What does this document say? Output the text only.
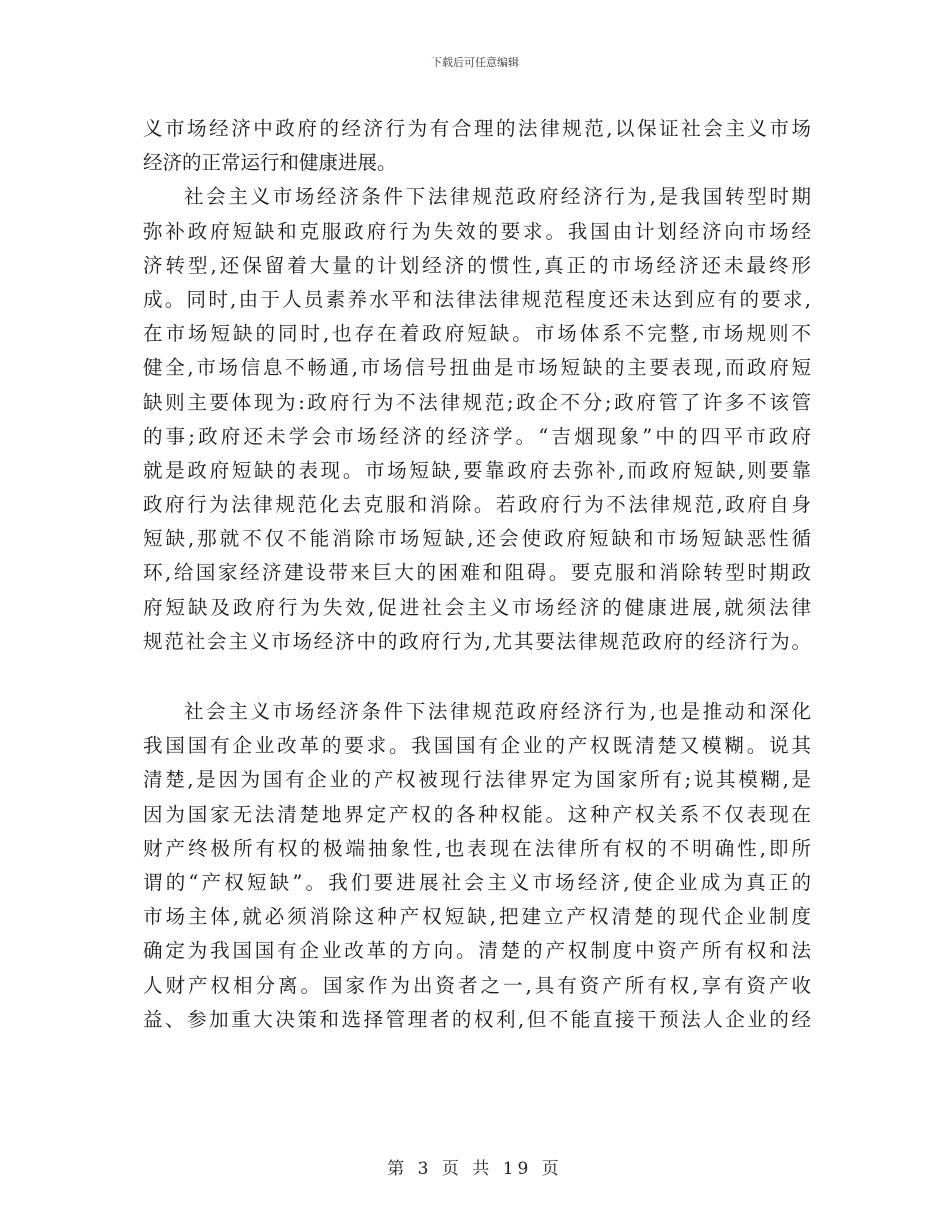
下载后可任意编辑
义市场经济中政府的经济行为有合理的法律规范,以保证社会主义市场
经济的正常运行和健康进展。
社会主义市场经济条件下法律规范政府经济行为,是我国转型时期
弥补政府短缺和克服政府行为失效的要求。我国由计划经济向市场经
济转型,还保留着大量的计划经济的惯性,真正的市场经济还未最终形
成。同时,由于人员素养水平和法律法律规范程度还未达到应有的要求,
在市场短缺的同时,也存在着政府短缺。市场体系不完整,市场规则不
健全,市场信息不畅通,市场信号扭曲是市场短缺的主要表现,而政府短
缺则主要体现为:政府行为不法律规范;政企不分;政府管了许多不该管
的事;政府还未学会市场经济的经济学。“吉烟现象”中的四平市政府
就是政府短缺的表现。市场短缺,要靠政府去弥补,而政府短缺,则要靠
政府行为法律规范化去克服和消除。若政府行为不法律规范,政府自身
短缺,那就不仅不能消除市场短缺,还会使政府短缺和市场短缺恶性循
环,给国家经济建设带来巨大的困难和阻碍。要克服和消除转型时期政
府短缺及政府行为失效,促进社会主义市场经济的健康进展,就须法律
规范社会主义市场经济中的政府行为,尤其要法律规范政府的经济行为。
社会主义市场经济条件下法律规范政府经济行为,也是推动和深化
我国国有企业改革的要求。我国国有企业的产权既清楚又模糊。说其
清楚,是因为国有企业的产权被现行法律界定为国家所有;说其模糊,是
因为国家无法清楚地界定产权的各种权能。这种产权关系不仅表现在
财产终极所有权的极端抽象性,也表现在法律所有权的不明确性,即所
谓的“产权短缺”。我们要进展社会主义市场经济,使企业成为真正的
市场主体,就必须消除这种产权短缺,把建立产权清楚的现代企业制度
确定为我国国有企业改革的方向。清楚的产权制度中资产所有权和法
人财产权相分离。国家作为出资者之一,具有资产所有权,享有资产收
益、参加重大决策和选择管理者的权利,但不能直接干预法人企业的经
第 3 页 共 19 页
